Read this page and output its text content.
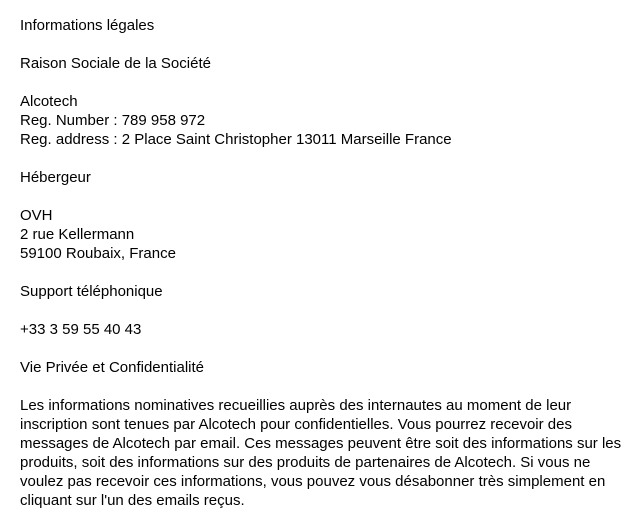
Informations légales
Raison Sociale de la Société
Alcotech
Reg. Number : 789 958 972
Reg. address : 2 Place Saint Christopher 13011 Marseille France
Hébergeur
OVH
2 rue Kellermann
59100 Roubaix, France
Support téléphonique
+33 3 59 55 40 43
Vie Privée et Confidentialité
Les informations nominatives recueillies auprès des internautes au moment de leur
inscription sont tenues par Alcotech pour confidentielles. Vous pourrez recevoir des
messages de Alcotech par email. Ces messages peuvent être soit des informations sur les
produits, soit des informations sur des produits de partenaires de Alcotech. Si vous ne
voulez pas recevoir ces informations, vous pouvez vous désabonner très simplement en
cliquant sur l'un des emails reçus.
